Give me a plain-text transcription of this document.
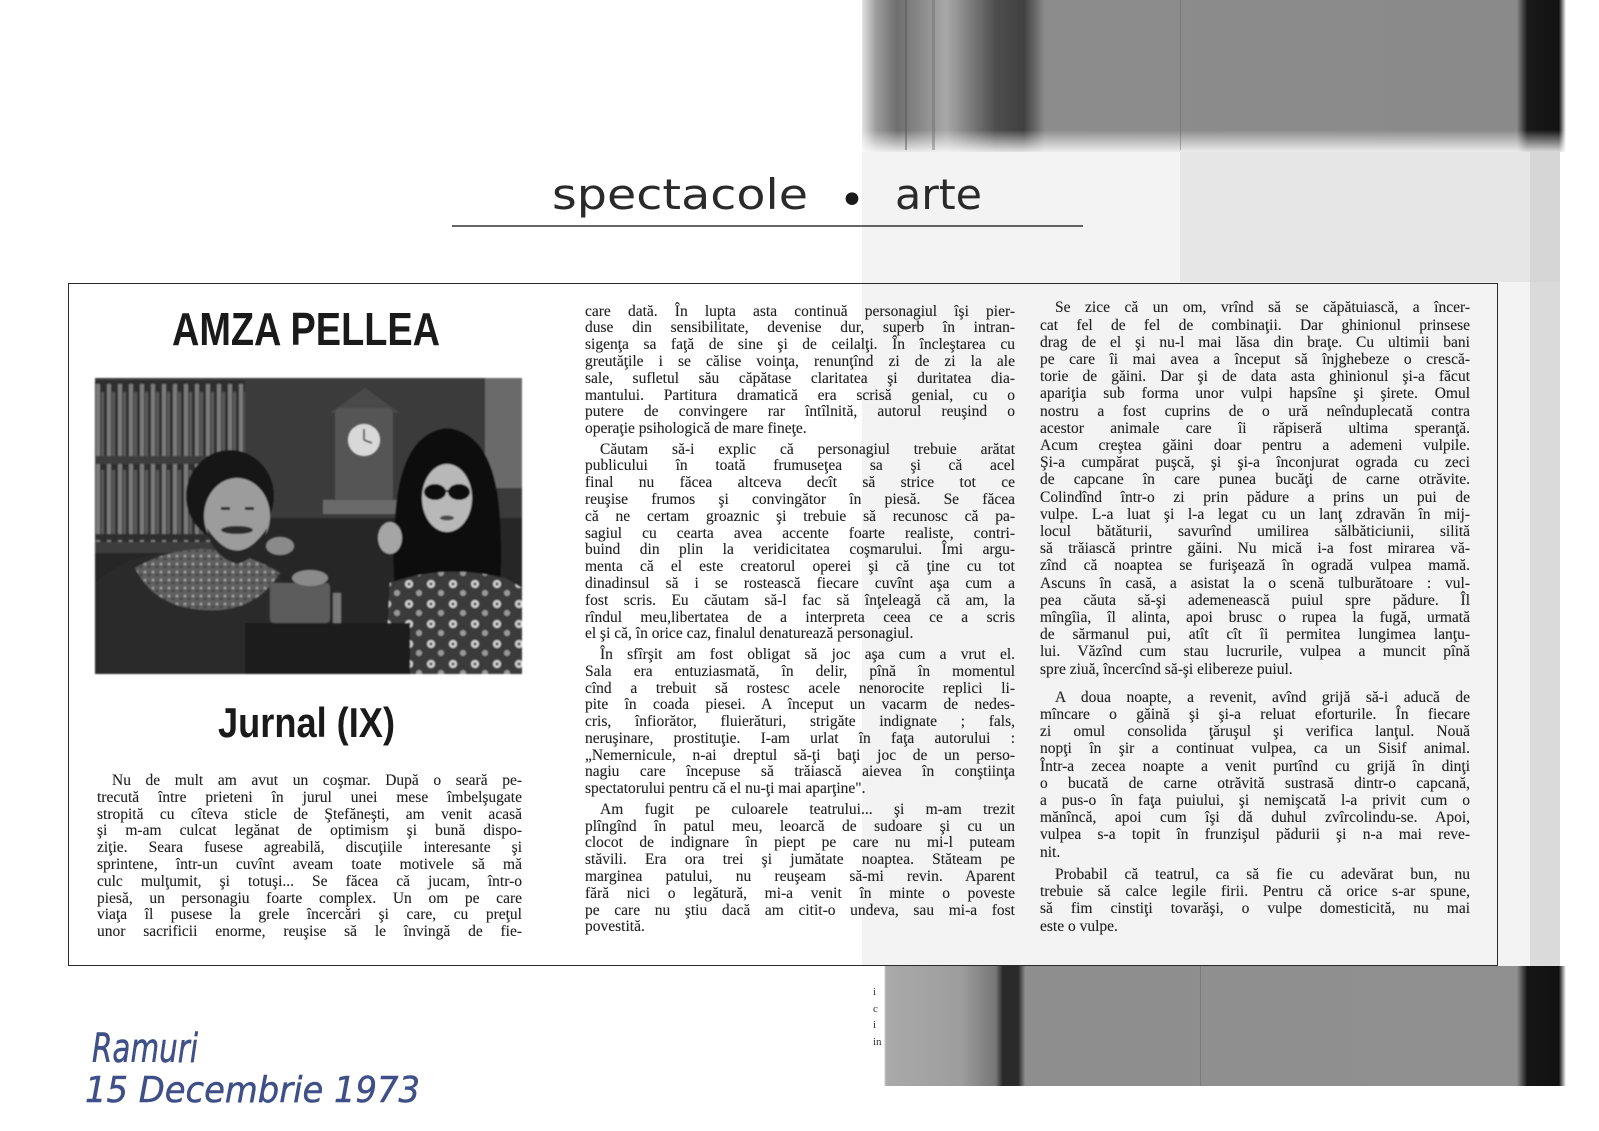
spectacole • arte
AMZA PELLEA
Jurnal (IX)
Nu de mult am avut un coşmar. După o seară pe-
trecută între prieteni în jurul unei mese îmbelşugate
stropită cu cîteva sticle de Ştefăneşti, am venit acasă
şi m-am culcat legănat de optimism şi bună dispo-
ziţie. Seara fusese agreabilă, discuţiile interesante şi
sprintene, într-un cuvînt aveam toate motivele să mă
culc mulţumit, şi totuşi... Se făcea că jucam, într-o
piesă, un personagiu foarte complex. Un om pe care
viaţa îl pusese la grele încercări şi care, cu preţul
unor sacrificii enorme, reuşise să le învingă de fie-
care dată. În lupta asta continuă personagiul îşi pier-
duse din sensibilitate, devenise dur, superb în intran-
sigenţa sa faţă de sine şi de ceilalţi. În încleştarea cu
greutăţile i se călise voinţa, renunţînd zi de zi la ale
sale, sufletul său căpătase claritatea şi duritatea dia-
mantului. Partitura dramatică era scrisă genial, cu o
putere de convingere rar întîlnită, autorul reuşind o
operaţie psihologică de mare fineţe.
Căutam să-i explic că personagiul trebuie arătat
publicului în toată frumuseţea sa şi că acel
final nu făcea altceva decît să strice tot ce
reuşise frumos şi convingător în piesă. Se făcea
că ne certam groaznic şi trebuie să recunosc că pa-
sagiul cu cearta avea accente foarte realiste, contri-
buind din plin la veridicitatea coşmarului. Îmi argu-
menta că el este creatorul operei şi că ţine cu tot
dinadinsul să i se rostească fiecare cuvînt aşa cum a
fost scris. Eu căutam să-l fac să înţeleagă că am, la
rîndul meu,libertatea de a interpreta ceea ce a scris
el şi că, în orice caz, finalul denaturează personagiul.
În sfîrşit am fost obligat să joc aşa cum a vrut el.
Sala era entuziasmată, în delir, pînă în momentul
cînd a trebuit să rostesc acele nenorocite replici li-
pite în coada piesei. A început un vacarm de nedes-
cris, înfiorător, fluierături, strigăte indignate ; fals,
neruşinare, prostituţie. I-am urlat în faţa autorului :
„Nemernicule, n-ai dreptul să-ţi baţi joc de un perso-
nagiu care începuse să trăiască aievea în conştiinţa
spectatorului pentru că el nu-ţi mai aparţine".
Am fugit pe culoarele teatrului... şi m-am trezit
plîngînd în patul meu, leoarcă de sudoare şi cu un
clocot de indignare în piept pe care nu mi-l puteam
stăvili. Era ora trei şi jumătate noaptea. Stăteam pe
marginea patului, nu reuşeam să-mi revin. Aparent
fără nici o legătură, mi-a venit în minte o poveste
pe care nu ştiu dacă am citit-o undeva, sau mi-a fost
povestită.
Se zice că un om, vrînd să se căpătuiască, a încer-
cat fel de fel de combinaţii. Dar ghinionul prinsese
drag de el şi nu-l mai lăsa din braţe. Cu ultimii bani
pe care îi mai avea a început să înjghebeze o crescă-
torie de găini. Dar şi de data asta ghinionul şi-a făcut
apariţia sub forma unor vulpi hapsîne şi şirete. Omul
nostru a fost cuprins de o ură neînduplecată contra
acestor animale care îi răpiseră ultima speranţă.
Acum creştea găini doar pentru a ademeni vulpile.
Şi-a cumpărat puşcă, şi şi-a înconjurat ograda cu zeci
de capcane în care punea bucăţi de carne otrăvite.
Colindînd într-o zi prin pădure a prins un pui de
vulpe. L-a luat şi l-a legat cu un lanţ zdravăn în mij-
locul bătăturii, savurînd umilirea sălbăticiunii, silită
să trăiască printre găini. Nu mică i-a fost mirarea vă-
zînd că noaptea se furişează în ogradă vulpea mamă.
Ascuns în casă, a asistat la o scenă tulburătoare : vul-
pea căuta să-şi ademenească puiul spre pădure. Îl
mîngîia, îl alinta, apoi brusc o rupea la fugă, urmată
de sărmanul pui, atît cît îi permitea lungimea lanţu-
lui. Văzînd cum stau lucrurile, vulpea a muncit pînă
spre ziuă, încercînd să-şi elibereze puiul.
A doua noapte, a revenit, avînd grijă să-i aducă de
mîncare o găină şi şi-a reluat eforturile. În fiecare
zi omul consolida ţăruşul şi verifica lanţul. Nouă
nopţi în şir a continuat vulpea, ca un Sisif animal.
Într-a zecea noapte a venit purtînd cu grijă în dinţi
o bucată de carne otrăvită sustrasă dintr-o capcană,
a pus-o în faţa puiului, şi nemişcată l-a privit cum o
mănîncă, apoi cum îşi dă duhul zvîrcolindu-se. Apoi,
vulpea s-a topit în frunzişul pădurii şi n-a mai reve-
nit.
Probabil că teatrul, ca să fie cu adevărat bun, nu
trebuie să calce legile firii. Pentru că orice s-ar spune,
să fim cinstiţi tovarăşi, o vulpe domesticită, nu mai
este o vulpe.
i
c
i
in
Ramuri
15 Decembrie 1973
